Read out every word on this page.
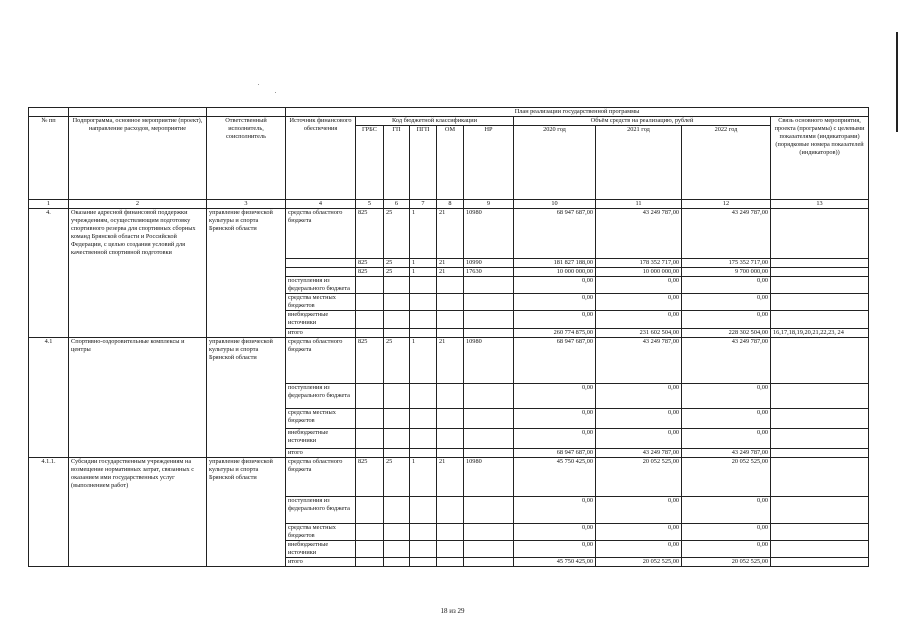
			План реализации государственной программы									
№ пп	Подпрограмма, основное мероприятие (проект), направление расходов, мероприятие	Ответственный исполнитель, соисполнитель	Источник финансового обеспечения	Код бюджетной классификации					Объём средств на реализацию, рублей			Связь основного мероприятия, проекта (программы) с целевыми показателями (индикаторами) (порядковые номера показателей (индикаторов))
				ГРБС	ГП	ПГП	ОМ	НР	2020 год	2021 год	2022 год	
1	2	3	4	5	6	7	8	9	10	11	12	13
4.	Оказание адресной финансовой поддержки учреждениям, осуществляющим подготовку спортивного резерва для спортивных сборных команд Брянской области и Российской Федерации, с целью создания условий для качественной спортивной подготовки	управление физической культуры и спорта Брянской области	средства областного бюджета	825	25	1	21	10980	68 947 687,00	43 249 787,00	43 249 787,00	
				825	25	1	21	10990	181 827 188,00	178 352 717,00	175 352 717,00	
				825	25	1	21	17630	10 000 000,00	10 000 000,00	9 700 000,00	
			поступления из федерального бюджета						0,00	0,00	0,00	
			средства местных бюджетов						0,00	0,00	0,00	
			внебюджетные источники						0,00	0,00	0,00	
			итого						260 774 875,00	231 602 504,00	228 302 504,00	16,17,18,19,20,21,22,23, 24
4.1	Спортивно-оздоровительные комплексы и центры	управление физической культуры и спорта Брянской области	средства областного бюджета	825	25	1	21	10980	68 947 687,00	43 249 787,00	43 249 787,00	
			поступления из федерального бюджета						0,00	0,00	0,00	
			средства местных бюджетов						0,00	0,00	0,00	
			внебюджетные источники						0,00	0,00	0,00	
			итого						68 947 687,00	43 249 787,00	43 249 787,00	
4.1.1.	Субсидии государственным учреждениям на возмещение нормативных затрат, связанных с оказанием ими государственных услуг (выполнением работ)	управление физической культуры и спорта Брянской области	средства областного бюджета	825	25	1	21	10980	45 750 425,00	20 052 525,00	20 052 525,00	
			поступления из федерального бюджета						0,00	0,00	0,00	
			средства местных бюджетов						0,00	0,00	0,00	
			внебюджетные источники						0,00	0,00	0,00	
			итого						45 750 425,00	20 052 525,00	20 052 525,00	
18 из 29
